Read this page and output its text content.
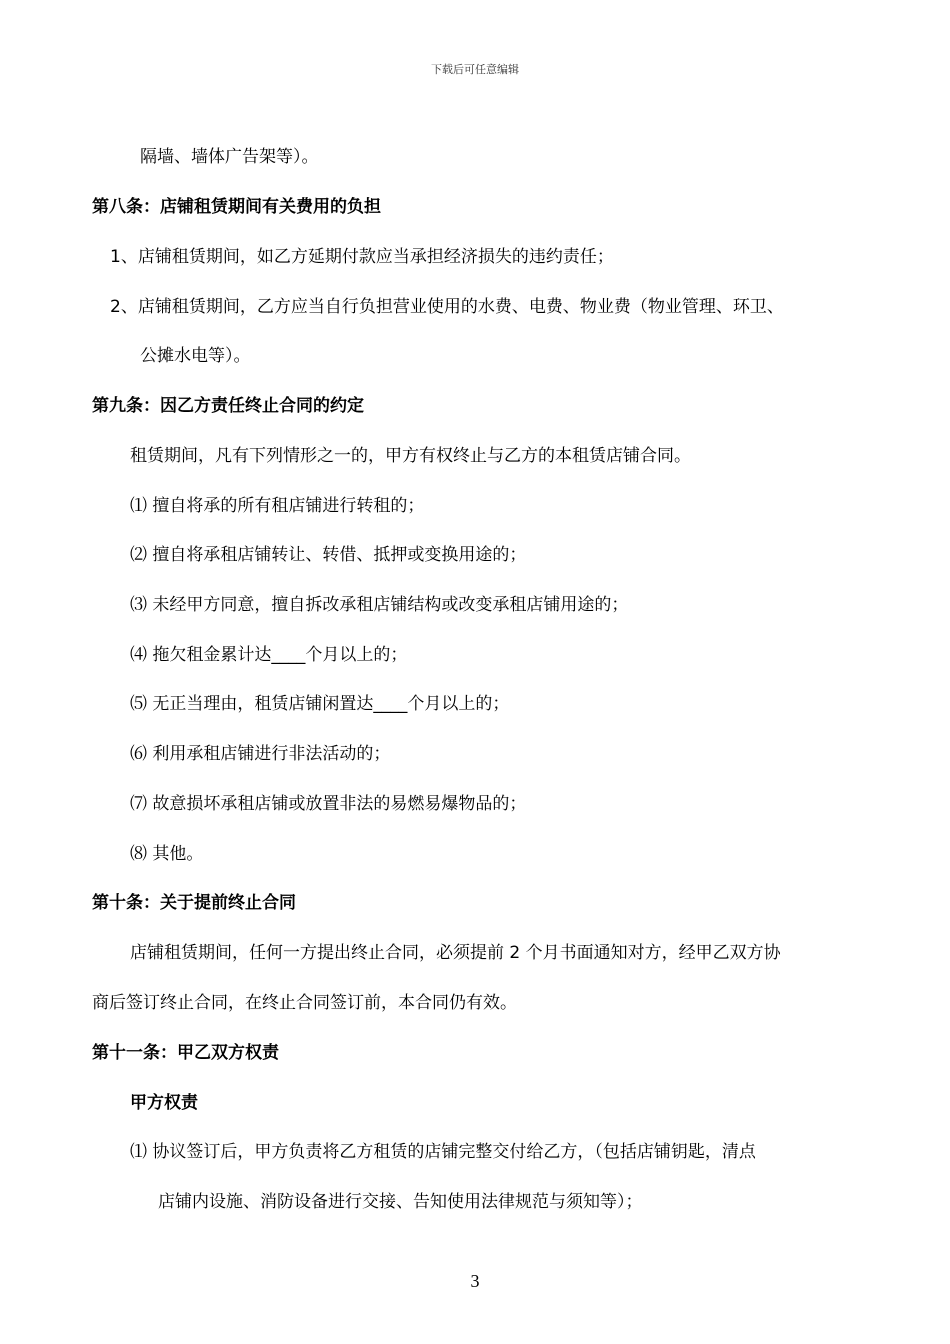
下载后可任意编辑
隔墙、墙体广告架等）。
第八条：店铺租赁期间有关费用的负担
1、店铺租赁期间，如乙方延期付款应当承担经济损失的违约责任；
2、店铺租赁期间，乙方应当自行负担营业使用的水费、电费、物业费（物业管理、环卫、
公摊水电等）。
第九条：因乙方责任终止合同的约定
租赁期间，凡有下列情形之一的，甲方有权终止与乙方的本租赁店铺合同。
⑴ 擅自将承的所有租店铺进行转租的；
⑵ 擅自将承租店铺转让、转借、抵押或变换用途的；
⑶ 未经甲方同意，擅自拆改承租店铺结构或改变承租店铺用途的；
⑷ 拖欠租金累计达____个月以上的；
⑸ 无正当理由，租赁店铺闲置达____个月以上的；
⑹ 利用承租店铺进行非法活动的；
⑺ 故意损坏承租店铺或放置非法的易燃易爆物品的；
⑻ 其他。
第十条：关于提前终止合同
店铺租赁期间，任何一方提出终止合同，必须提前 2 个月书面通知对方，经甲乙双方协
商后签订终止合同，在终止合同签订前，本合同仍有效。
第十一条：甲乙双方权责
甲方权责
⑴ 协议签订后，甲方负责将乙方租赁的店铺完整交付给乙方，（包括店铺钥匙，清点
店铺内设施、消防设备进行交接、告知使用法律规范与须知等）；
3
